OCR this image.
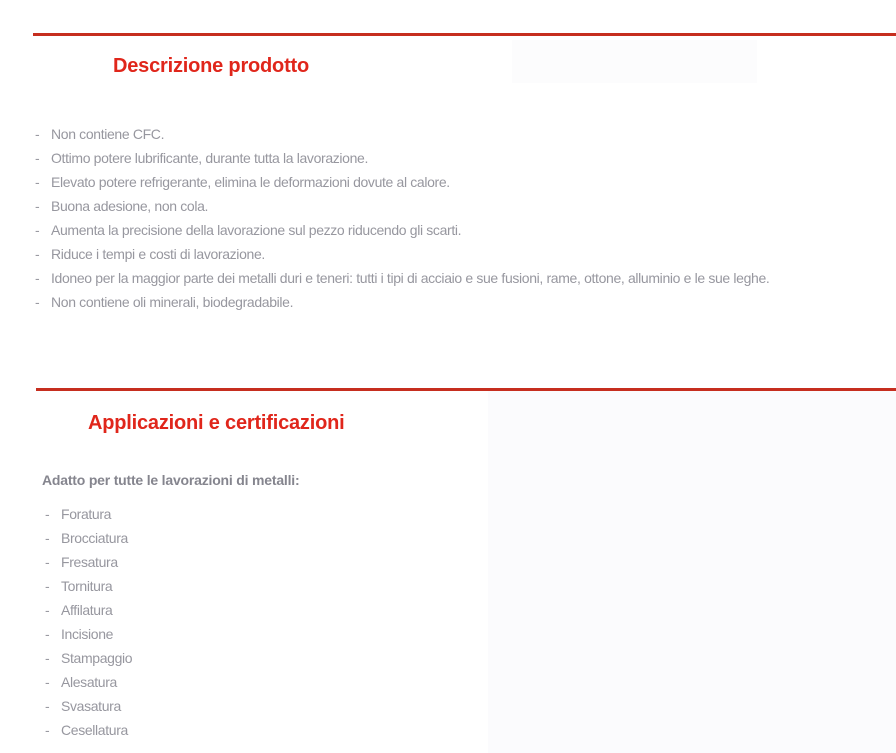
Descrizione prodotto
- Non contiene CFC.
- Ottimo potere lubrificante, durante tutta la lavorazione.
- Elevato potere refrigerante, elimina le deformazioni dovute al calore.
- Buona adesione, non cola.
- Aumenta la precisione della lavorazione sul pezzo riducendo gli scarti.
- Riduce i tempi e costi di lavorazione.
- Idoneo per la maggior parte dei metalli duri e teneri: tutti i tipi di acciaio e sue fusioni, rame, ottone, alluminio e le sue leghe.
- Non contiene oli minerali, biodegradabile.
Applicazioni e certificazioni

Adatto per tutte le lavorazioni di metalli:

- Foratura
- Brocciatura
- Fresatura
- Tornitura
- Affilatura
- Incisione
- Stampaggio
- Alesatura
- Svasatura
- Cesellatura
